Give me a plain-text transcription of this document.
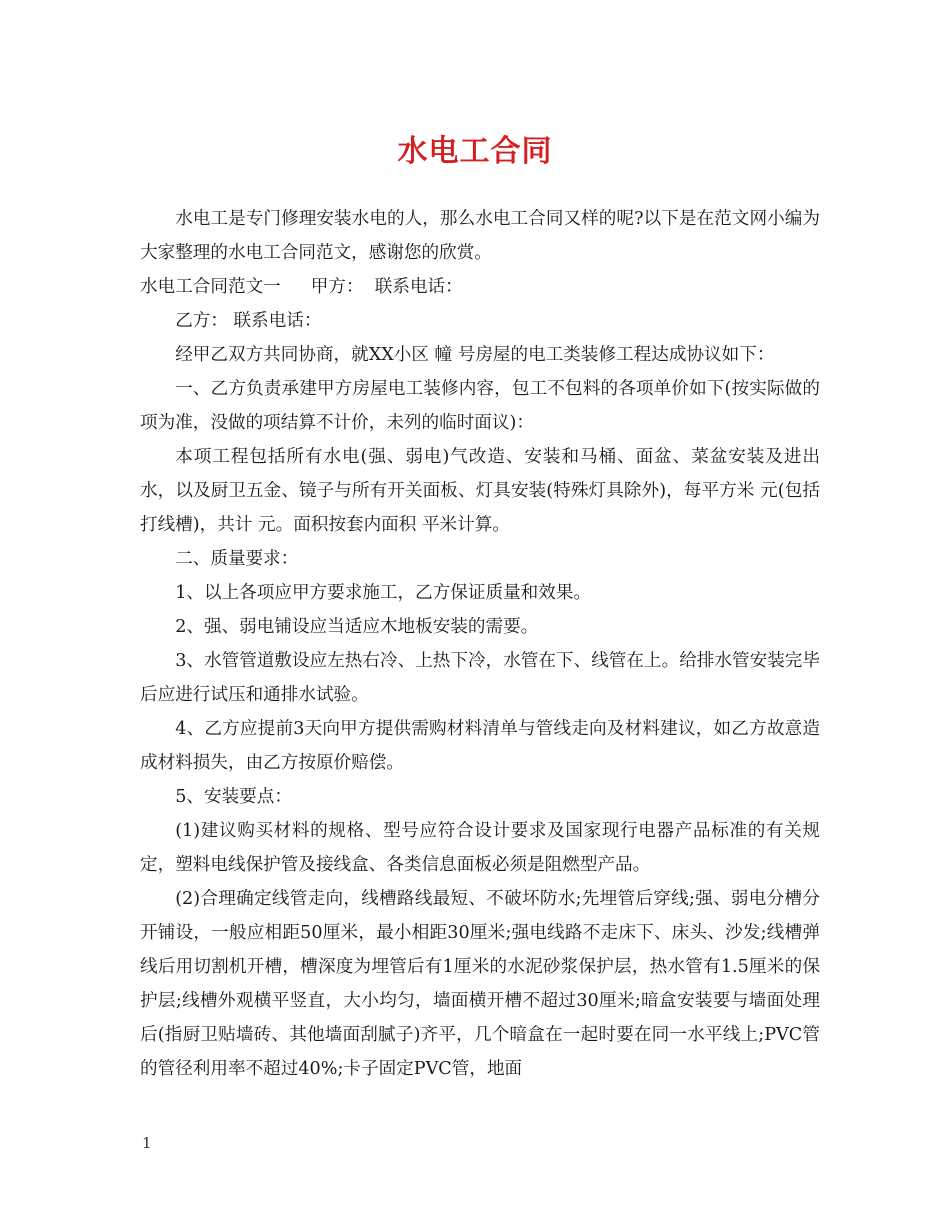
水电工合同

水电工是专门修理安装水电的人，那么水电工合同又样的呢?以下是在范文网小编为大家整理的水电工合同范文，感谢您的欣赏。

水电工合同范文一 甲方： 联系电话：

乙方： 联系电话：

经甲乙双方共同协商，就XX小区 幢 号房屋的电工类装修工程达成协议如下：

一、乙方负责承建甲方房屋电工装修内容，包工不包料的各项单价如下(按实际做的项为准，没做的项结算不计价，未列的临时面议)：

本项工程包括所有水电(强、弱电)气改造、安装和马桶、面盆、菜盆安装及进出水，以及厨卫五金、镜子与所有开关面板、灯具安装(特殊灯具除外)，每平方米 元(包括打线槽)，共计 元。面积按套内面积 平米计算。

二、质量要求：

1、以上各项应甲方要求施工，乙方保证质量和效果。

2、强、弱电铺设应当适应木地板安装的需要。

3、水管管道敷设应左热右冷、上热下冷，水管在下、线管在上。给排水管安装完毕后应进行试压和通排水试验。

4、乙方应提前3天向甲方提供需购材料清单与管线走向及材料建议，如乙方故意造成材料损失，由乙方按原价赔偿。

5、安装要点：

(1)建议购买材料的规格、型号应符合设计要求及国家现行电器产品标准的有关规定，塑料电线保护管及接线盒、各类信息面板必须是阻燃型产品。

(2)合理确定线管走向，线槽路线最短、不破坏防水;先埋管后穿线;强、弱电分槽分开铺设，一般应相距50厘米，最小相距30厘米;强电线路不走床下、床头、沙发;线槽弹线后用切割机开槽，槽深度为埋管后有1厘米的水泥砂浆保护层，热水管有1.5厘米的保护层;线槽外观横平竖直，大小均匀，墙面横开槽不超过30厘米;暗盒安装要与墙面处理后(指厨卫贴墙砖、其他墙面刮腻子)齐平，几个暗盒在一起时要在同一水平线上;PVC管的管径利用率不超过40%;卡子固定PVC管，地面

1
